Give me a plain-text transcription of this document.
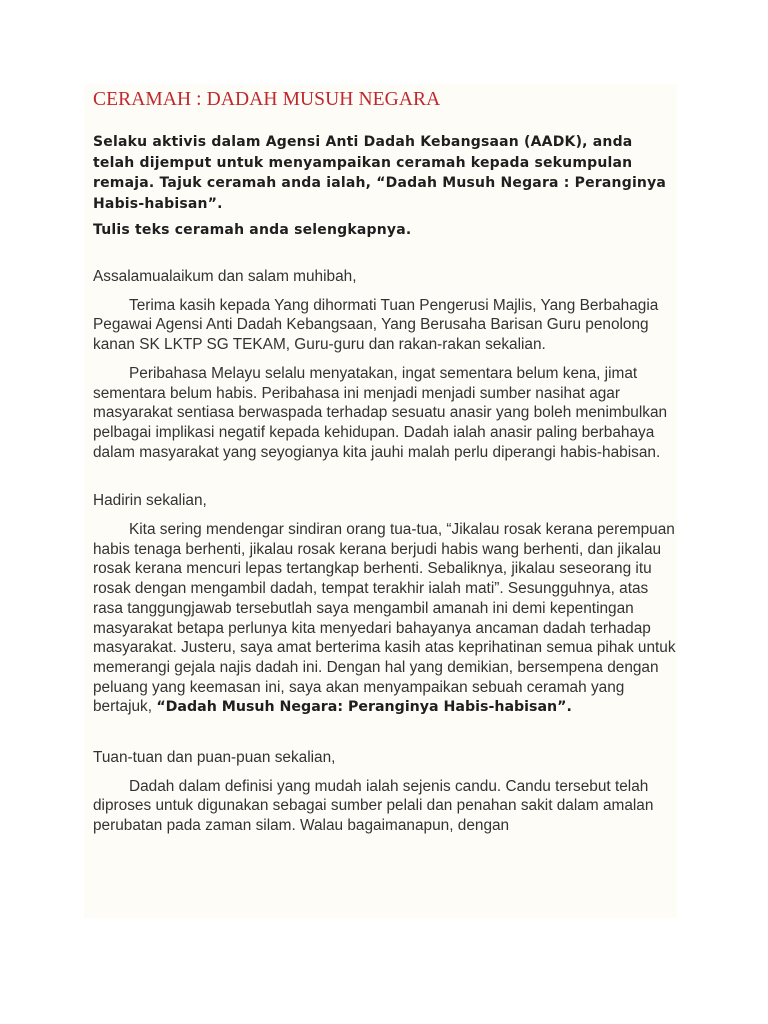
CERAMAH : DADAH MUSUH NEGARA

Selaku aktivis dalam Agensi Anti Dadah Kebangsaan (AADK), anda telah dijemput untuk menyampaikan ceramah kepada sekumpulan remaja. Tajuk ceramah anda ialah, “Dadah Musuh Negara : Peranginya Habis-habisan”.

Tulis teks ceramah anda selengkapnya.

Assalamualaikum dan salam muhibah,

Terima kasih kepada Yang dihormati Tuan Pengerusi Majlis, Yang Berbahagia Pegawai Agensi Anti Dadah Kebangsaan, Yang Berusaha Barisan Guru penolong kanan SK LKTP SG TEKAM, Guru-guru dan rakan-rakan sekalian.

Peribahasa Melayu selalu menyatakan, ingat sementara belum kena, jimat sementara belum habis. Peribahasa ini menjadi menjadi sumber nasihat agar masyarakat sentiasa berwaspada terhadap sesuatu anasir yang boleh menimbulkan pelbagai implikasi negatif kepada kehidupan. Dadah ialah anasir paling berbahaya dalam masyarakat yang seyogianya kita jauhi malah perlu diperangi habis-habisan.

Hadirin sekalian,

Kita sering mendengar sindiran orang tua-tua, “Jikalau rosak kerana perempuan habis tenaga berhenti, jikalau rosak kerana berjudi habis wang berhenti, dan jikalau rosak kerana mencuri lepas tertangkap berhenti. Sebaliknya, jikalau seseorang itu rosak dengan mengambil dadah, tempat terakhir ialah mati”. Sesungguhnya, atas rasa tanggungjawab tersebutlah saya mengambil amanah ini demi kepentingan masyarakat betapa perlunya kita menyedari bahayanya ancaman dadah terhadap masyarakat. Justeru, saya amat berterima kasih atas keprihatinan semua pihak untuk memerangi gejala najis dadah ini. Dengan hal yang demikian, bersempena dengan peluang yang keemasan ini, saya akan menyampaikan sebuah ceramah yang bertajuk, “Dadah Musuh Negara: Peranginya Habis-habisan”.

Tuan-tuan dan puan-puan sekalian,

Dadah dalam definisi yang mudah ialah sejenis candu. Candu tersebut telah diproses untuk digunakan sebagai sumber pelali dan penahan sakit dalam amalan perubatan pada zaman silam. Walau bagaimanapun, dengan
